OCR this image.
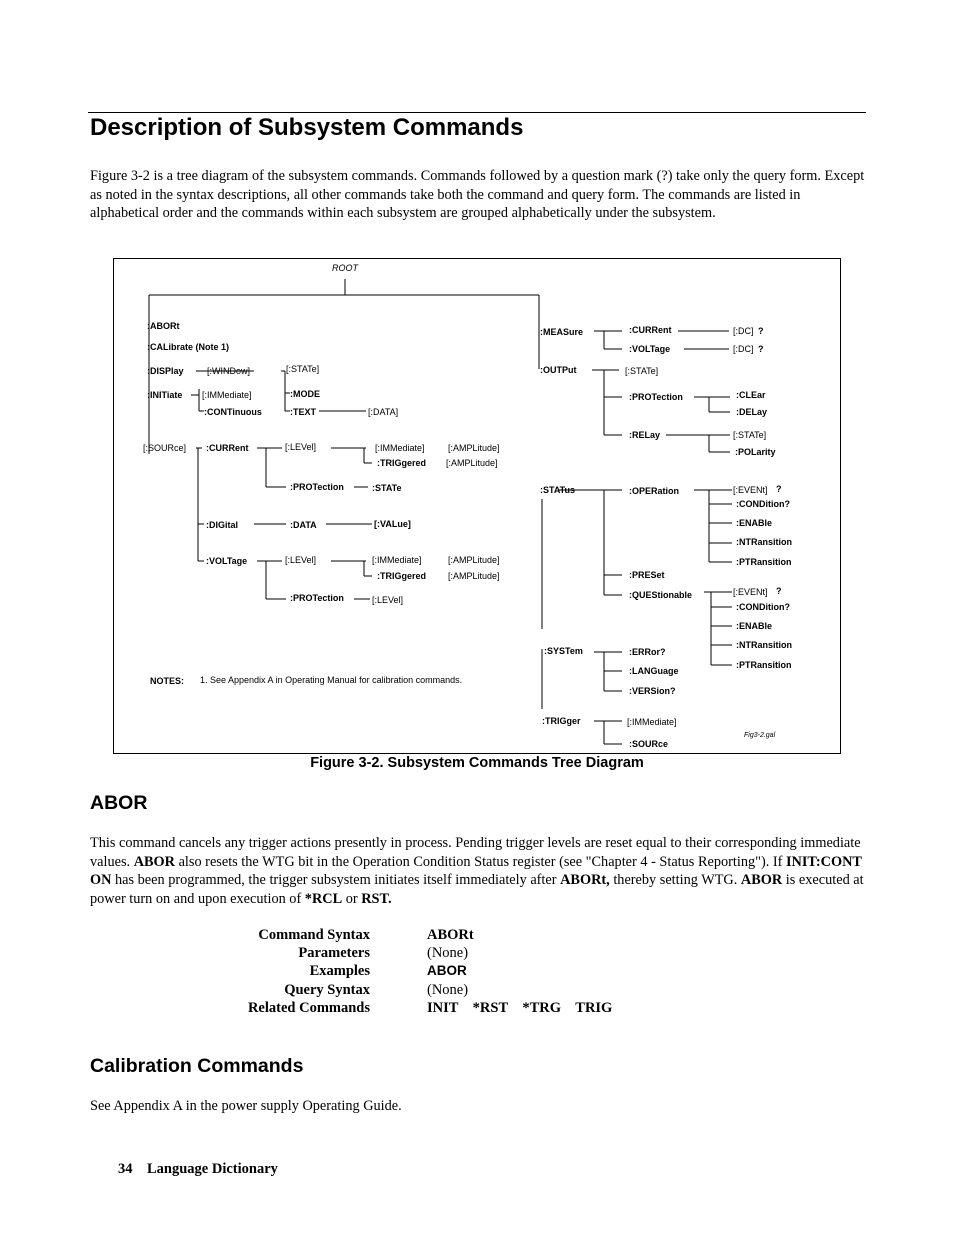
Description of Subsystem Commands

Figure 3-2 is a tree diagram of the subsystem commands. Commands followed by a question mark (?) take only the query form. Except as noted in the syntax descriptions, all other commands take both the command and query form. The commands are listed in alphabetical order and the commands within each subsystem are grouped alphabetically under the subsystem.

ROOT
:ABORt
:CALibrate (Note 1)
:DISPlay
:INITiate
[:SOURce]
[:WINDow]	[:STATe]
:MODE
:TEXT	[:DATA]
[:IMMediate]
:CONTinuous
:CURRent	[:LEVel]	[:IMMediate]	[:AMPLitude]
:TRIGgered [:AMPLitude]
:PROTection	:STATe
:DIGital	:DATA	[:VALue]
:VOLTage	[:LEVel]	[:IMMediate]	[:AMPLitude]
:TRIGgered [:AMPLitude]
:PROTection	[:LEVel]
:MEASure	:CURRent
:VOLTage
[:DC] ?
[:DC] ?
:OUTPut	[:STATe]
:PROTection	:CLEar
:DELay
:RELay	[:STATe]
:POLarity
:STATus	:OPERation	[:EVENt] ?
:CONDition?
:ENABle
:NTRansition
:PTRansition
:PRESet
:QUEStionable	[:EVENt] ?
:CONDition?
:ENABle
:NTRansition
:PTRansition
:SYSTem	:ERRor?
:LANGuage
:VERSion?
:TRIGger	[:IMMediate]
:SOURce
NOTES: 1. See Appendix A in Operating Manual for calibration commands.
Fig3-2.gal
Figure 3-2. Subsystem Commands Tree Diagram
ABOR

This command cancels any trigger actions presently in process. Pending trigger levels are reset equal to their corresponding immediate values. ABOR also resets the WTG bit in the Operation Condition Status register (see "Chapter 4 - Status Reporting"). If INIT:CONT ON has been programmed, the trigger subsystem initiates itself immediately after ABORt, thereby setting WTG. ABOR is executed at power turn on and upon execution of *RCL or RST.

Command Syntax	ABORt
Parameters	(None)
Examples	ABOR
Query Syntax	(None)
Related Commands	INIT    *RST    *TRG    TRIG
Calibration Commands

See Appendix A in the power supply Operating Guide.

34 Language Dictionary
